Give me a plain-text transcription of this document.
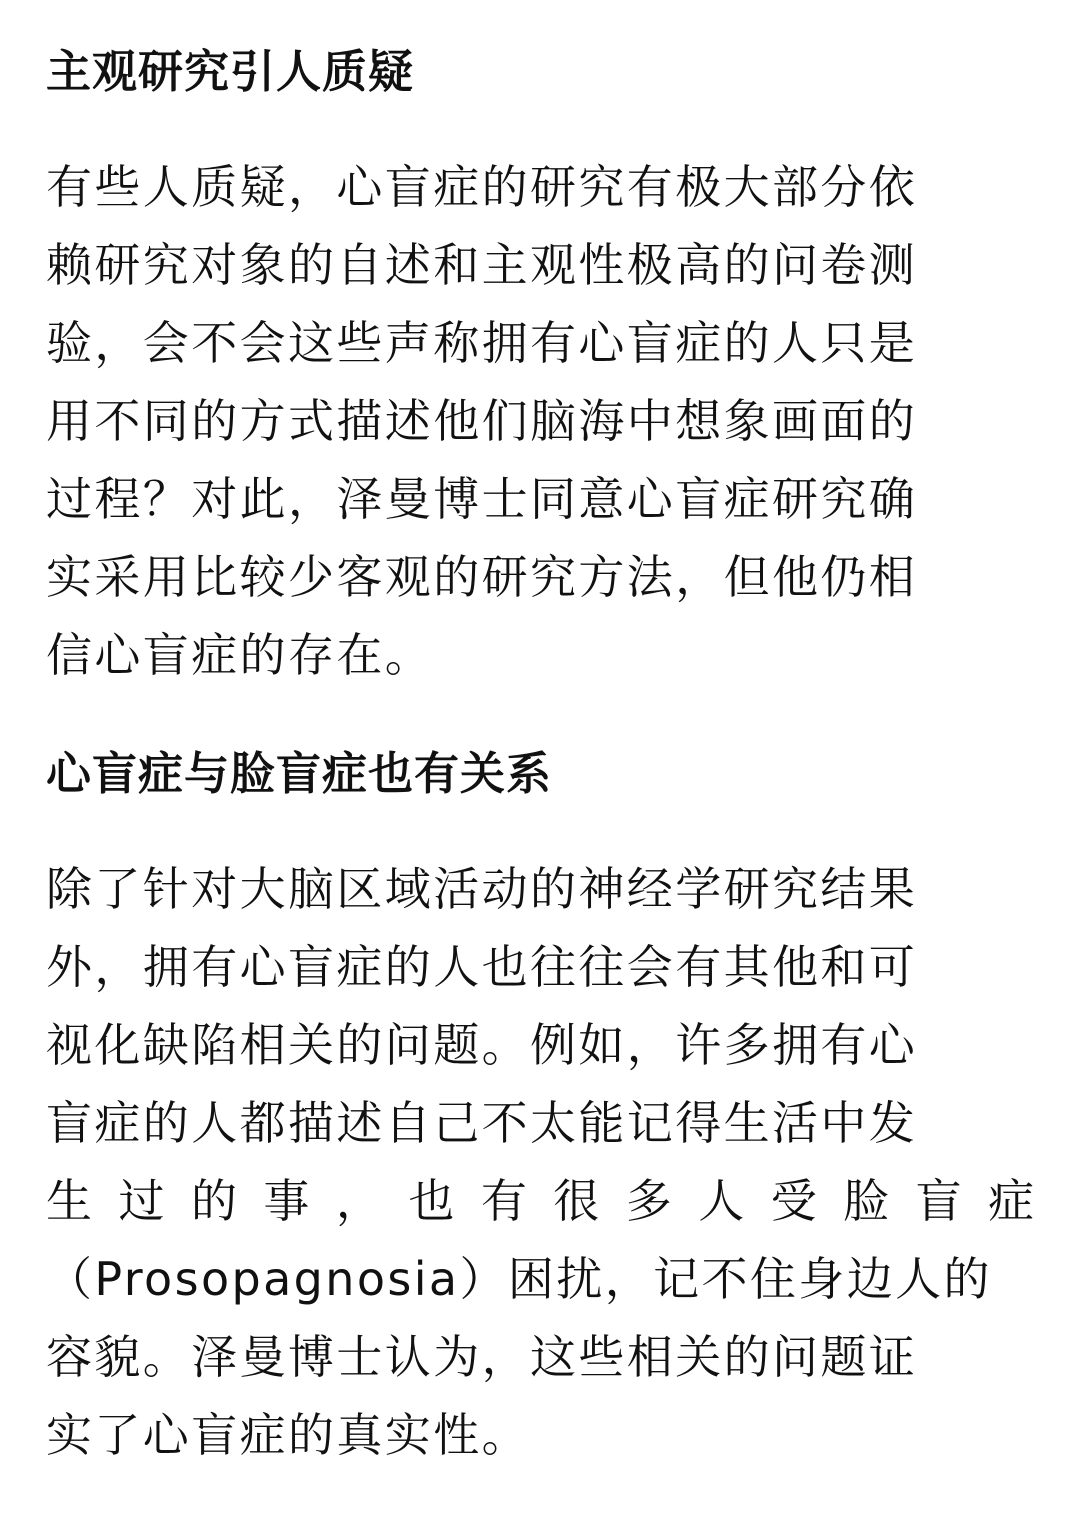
主观研究引人质疑

有些人质疑，心盲症的研究有极大部分依
赖研究对象的自述和主观性极高的问卷测
验，会不会这些声称拥有心盲症的人只是
用不同的方式描述他们脑海中想象画面的
过程？对此，泽曼博士同意心盲症研究确
实采用比较少客观的研究方法，但他仍相
信心盲症的存在。

心盲症与脸盲症也有关系

除了针对大脑区域活动的神经学研究结果
外，拥有心盲症的人也往往会有其他和可
视化缺陷相关的问题。例如，许多拥有心
盲症的人都描述自己不太能记得生活中发
生 过 的 事 ， 也 有 很 多 人 受 脸 盲 症
（Prosopagnosia）困扰，记不住身边人的
容貌。泽曼博士认为，这些相关的问题证
实了心盲症的真实性。
